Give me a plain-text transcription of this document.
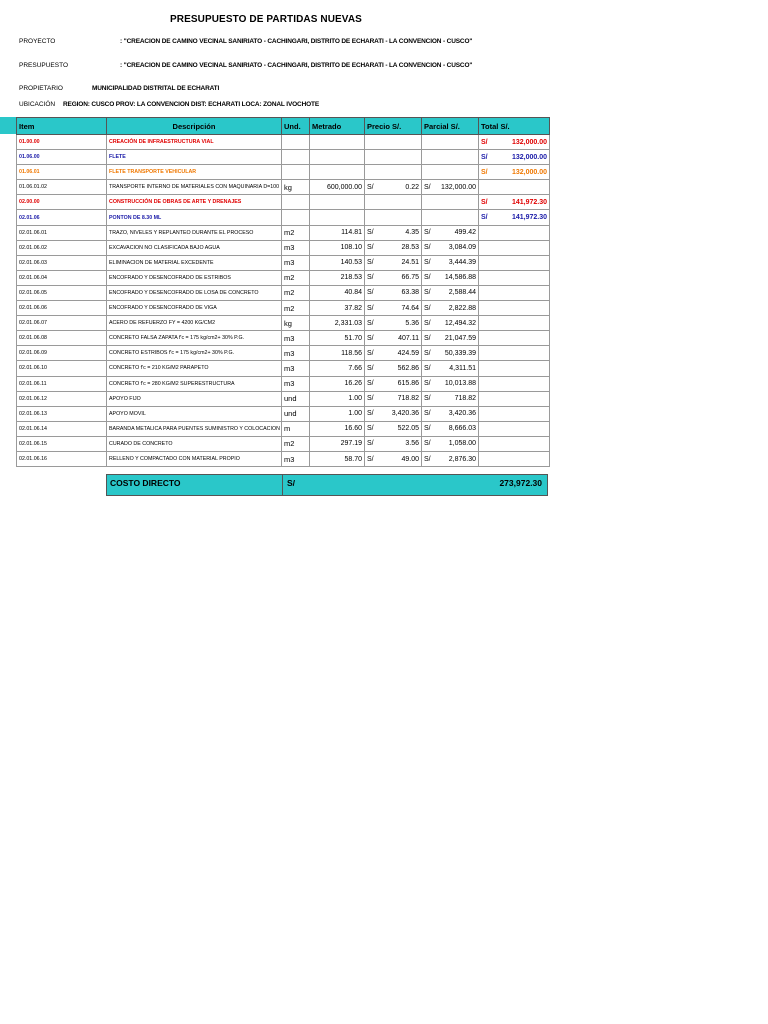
PRESUPUESTO DE PARTIDAS NUEVAS
PROYECTO	: "CREACION DE CAMINO VECINAL SANIRIATO - CACHINGARI, DISTRITO DE ECHARATI - LA CONVENCION - CUSCO"
PRESUPUESTO	: "CREACION DE CAMINO VECINAL SANIRIATO - CACHINGARI, DISTRITO DE ECHARATI - LA CONVENCION - CUSCO"
PROPIETARIO	MUNICIPALIDAD DISTRITAL DE ECHARATI
UBICACIÓN REGION: CUSCO PROV: LA CONVENCION DIST: ECHARATI LOCA: ZONAL IVOCHOTE
Item	Descripción	Und.	Metrado	Precio S/.	Parcial S/.	Total S/.
01.00.00	CREACIÓN DE INFRAESTRUCTURA VIAL					S/ 132,000.00

01.06.00	FLETE					S/ 132,000.00

01.06.01	FLETE TRANSPORTE VEHICULAR					S/ 132,000.00

01.06.01.02	TRANSPORTE INTERNO DE MATERIALES CON MAQUINARIA D=100	kg	600,000.00	S/ 0.22	S/ 132,000.00	

02.00.00	CONSTRUCCIÓN DE OBRAS DE ARTE Y DRENAJES					S/ 141,972.30

02.01.06	PONTON DE 8.30 ML					S/ 141,972.30

02.01.06.01	TRAZO, NIVELES Y REPLANTEO DURANTE EL PROCESO	m2	114.81	S/ 4.35	S/ 499.42	

02.01.06.02	EXCAVACION NO CLASIFICADA BAJO AGUA	m3	108.10	S/ 28.53	S/ 3,084.09	

02.01.06.03	ELIMINACION DE MATERIAL EXCEDENTE	m3	140.53	S/ 24.51	S/ 3,444.39	

02.01.06.04	ENCOFRADO Y DESENCOFRADO DE ESTRIBOS	m2	218.53	S/ 66.75	S/ 14,586.88	

02.01.06.05	ENCOFRADO Y DESENCOFRADO DE LOSA DE CONCRETO	m2	40.84	S/ 63.38	S/ 2,588.44	

02.01.06.06	ENCOFRADO Y DESENCOFRADO DE VIGA	m2	37.82	S/ 74.64	S/ 2,822.88	

02.01.06.07	ACERO DE REFUERZO FY = 4200 KG/CM2	kg	2,331.03	S/ 5.36	S/ 12,494.32	

02.01.06.08	CONCRETO FALSA ZAPATA f'c = 175 kg/cm2+ 30% P.G.	m3	51.70	S/ 407.11	S/ 21,047.59	

02.01.06.09	CONCRETO ESTRIBOS f'c = 175 kg/cm2+ 30% P.G.	m3	118.56	S/ 424.59	S/ 50,339.39	

02.01.06.10	CONCRETO f'c = 210 KG/M2 PARAPETO	m3	7.66	S/ 562.86	S/ 4,311.51	

02.01.06.11	CONCRETO f'c = 280 KG/M2 SUPERESTRUCTURA	m3	16.26	S/ 615.86	S/ 10,013.88	

02.01.06.12	APOYO FIJO	und	1.00	S/ 718.82	S/ 718.82	

02.01.06.13	APOYO MOVIL	und	1.00	S/ 3,420.36	S/ 3,420.36	

02.01.06.14	BARANDA METALICA PARA PUENTES SUMINISTRO Y COLOCACION	m	16.60	S/ 522.05	S/ 8,666.03	

02.01.06.15	CURADO DE CONCRETO	m2	297.19	S/ 3.56	S/ 1,058.00	

02.01.06.16	RELLENO Y COMPACTADO CON MATERIAL PROPIO	m3	58.70	S/ 49.00	S/ 2,876.30	

COSTO DIRECTO	S/	273,972.30
